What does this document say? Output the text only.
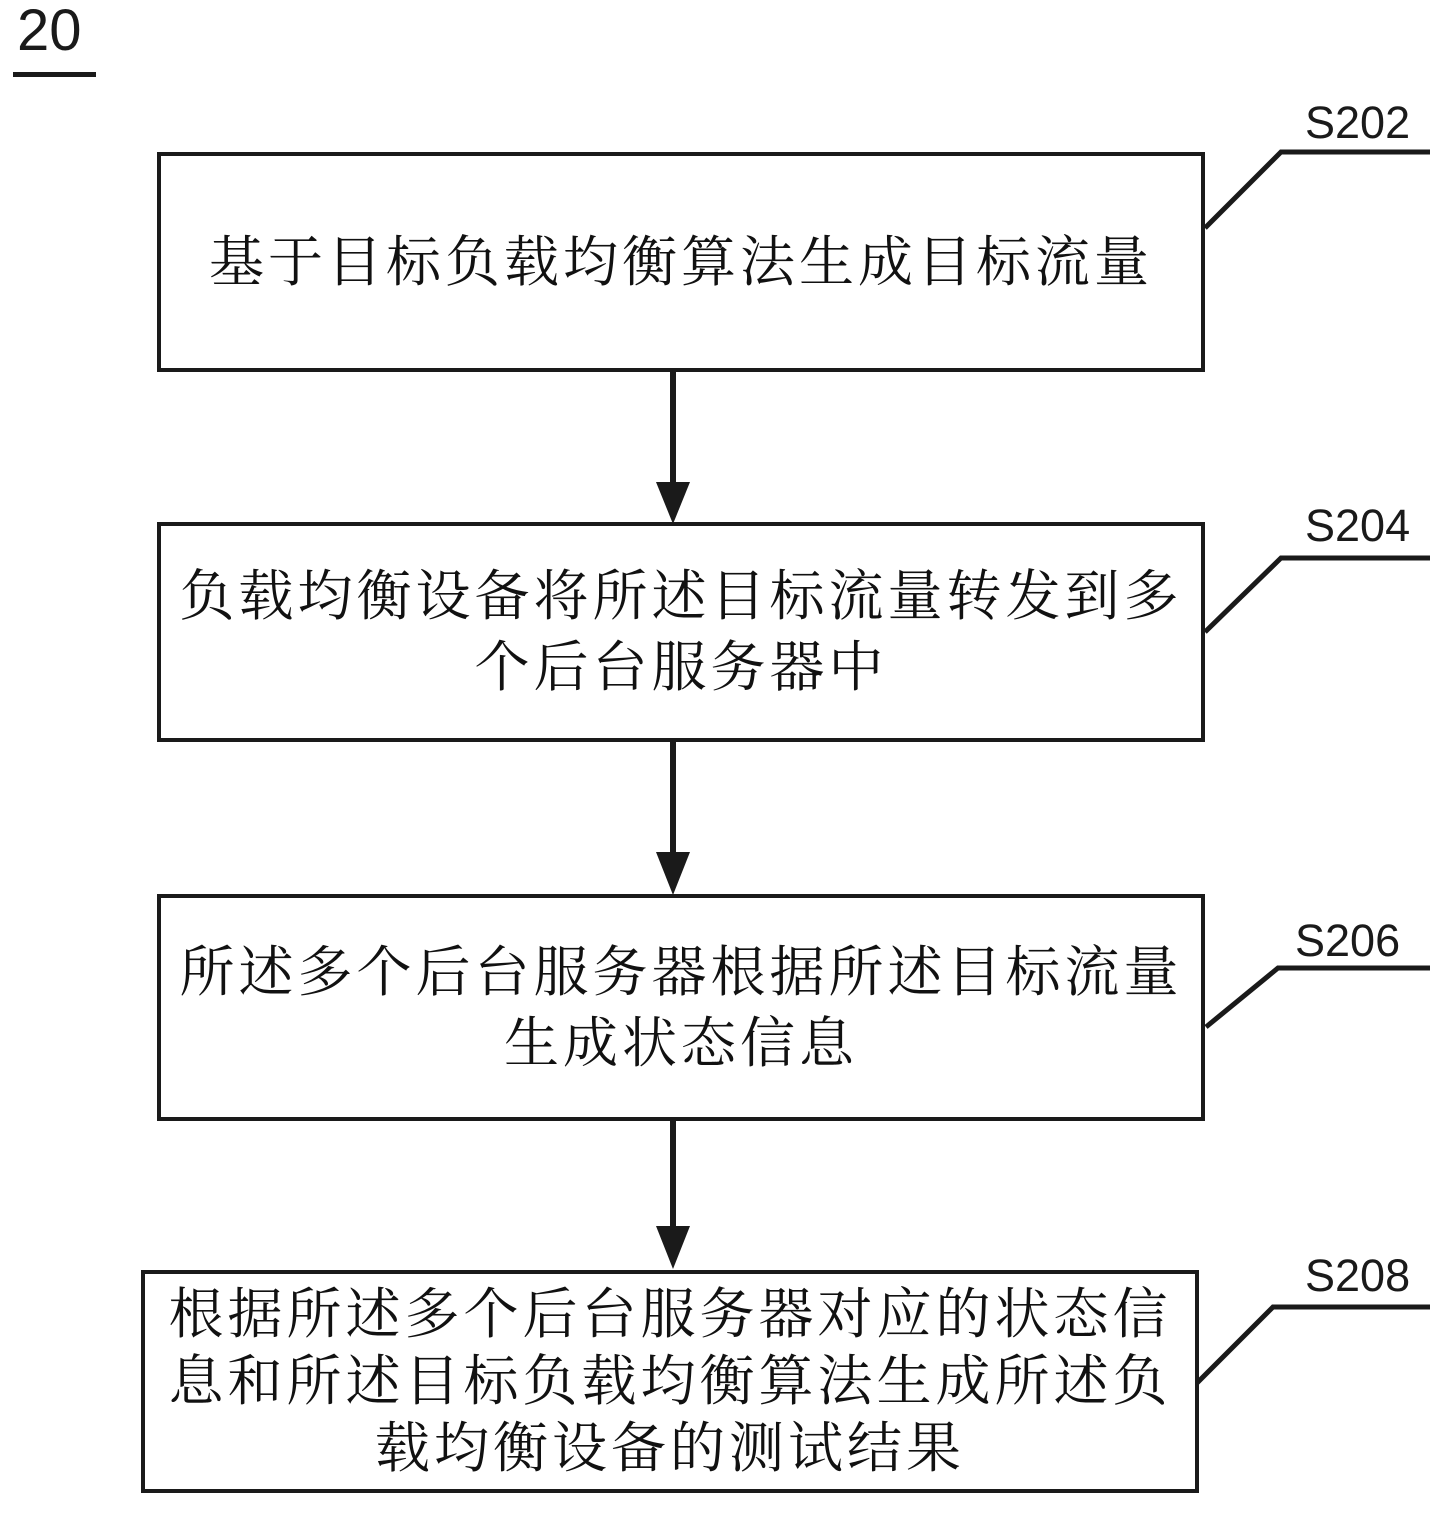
20
基于目标负载均衡算法生成目标流量
负载均衡设备将所述目标流量转发到多
个后台服务器中
所述多个后台服务器根据所述目标流量
生成状态信息
根据所述多个后台服务器对应的状态信
息和所述目标负载均衡算法生成所述负
载均衡设备的测试结果
S202
S204
S206
S208
